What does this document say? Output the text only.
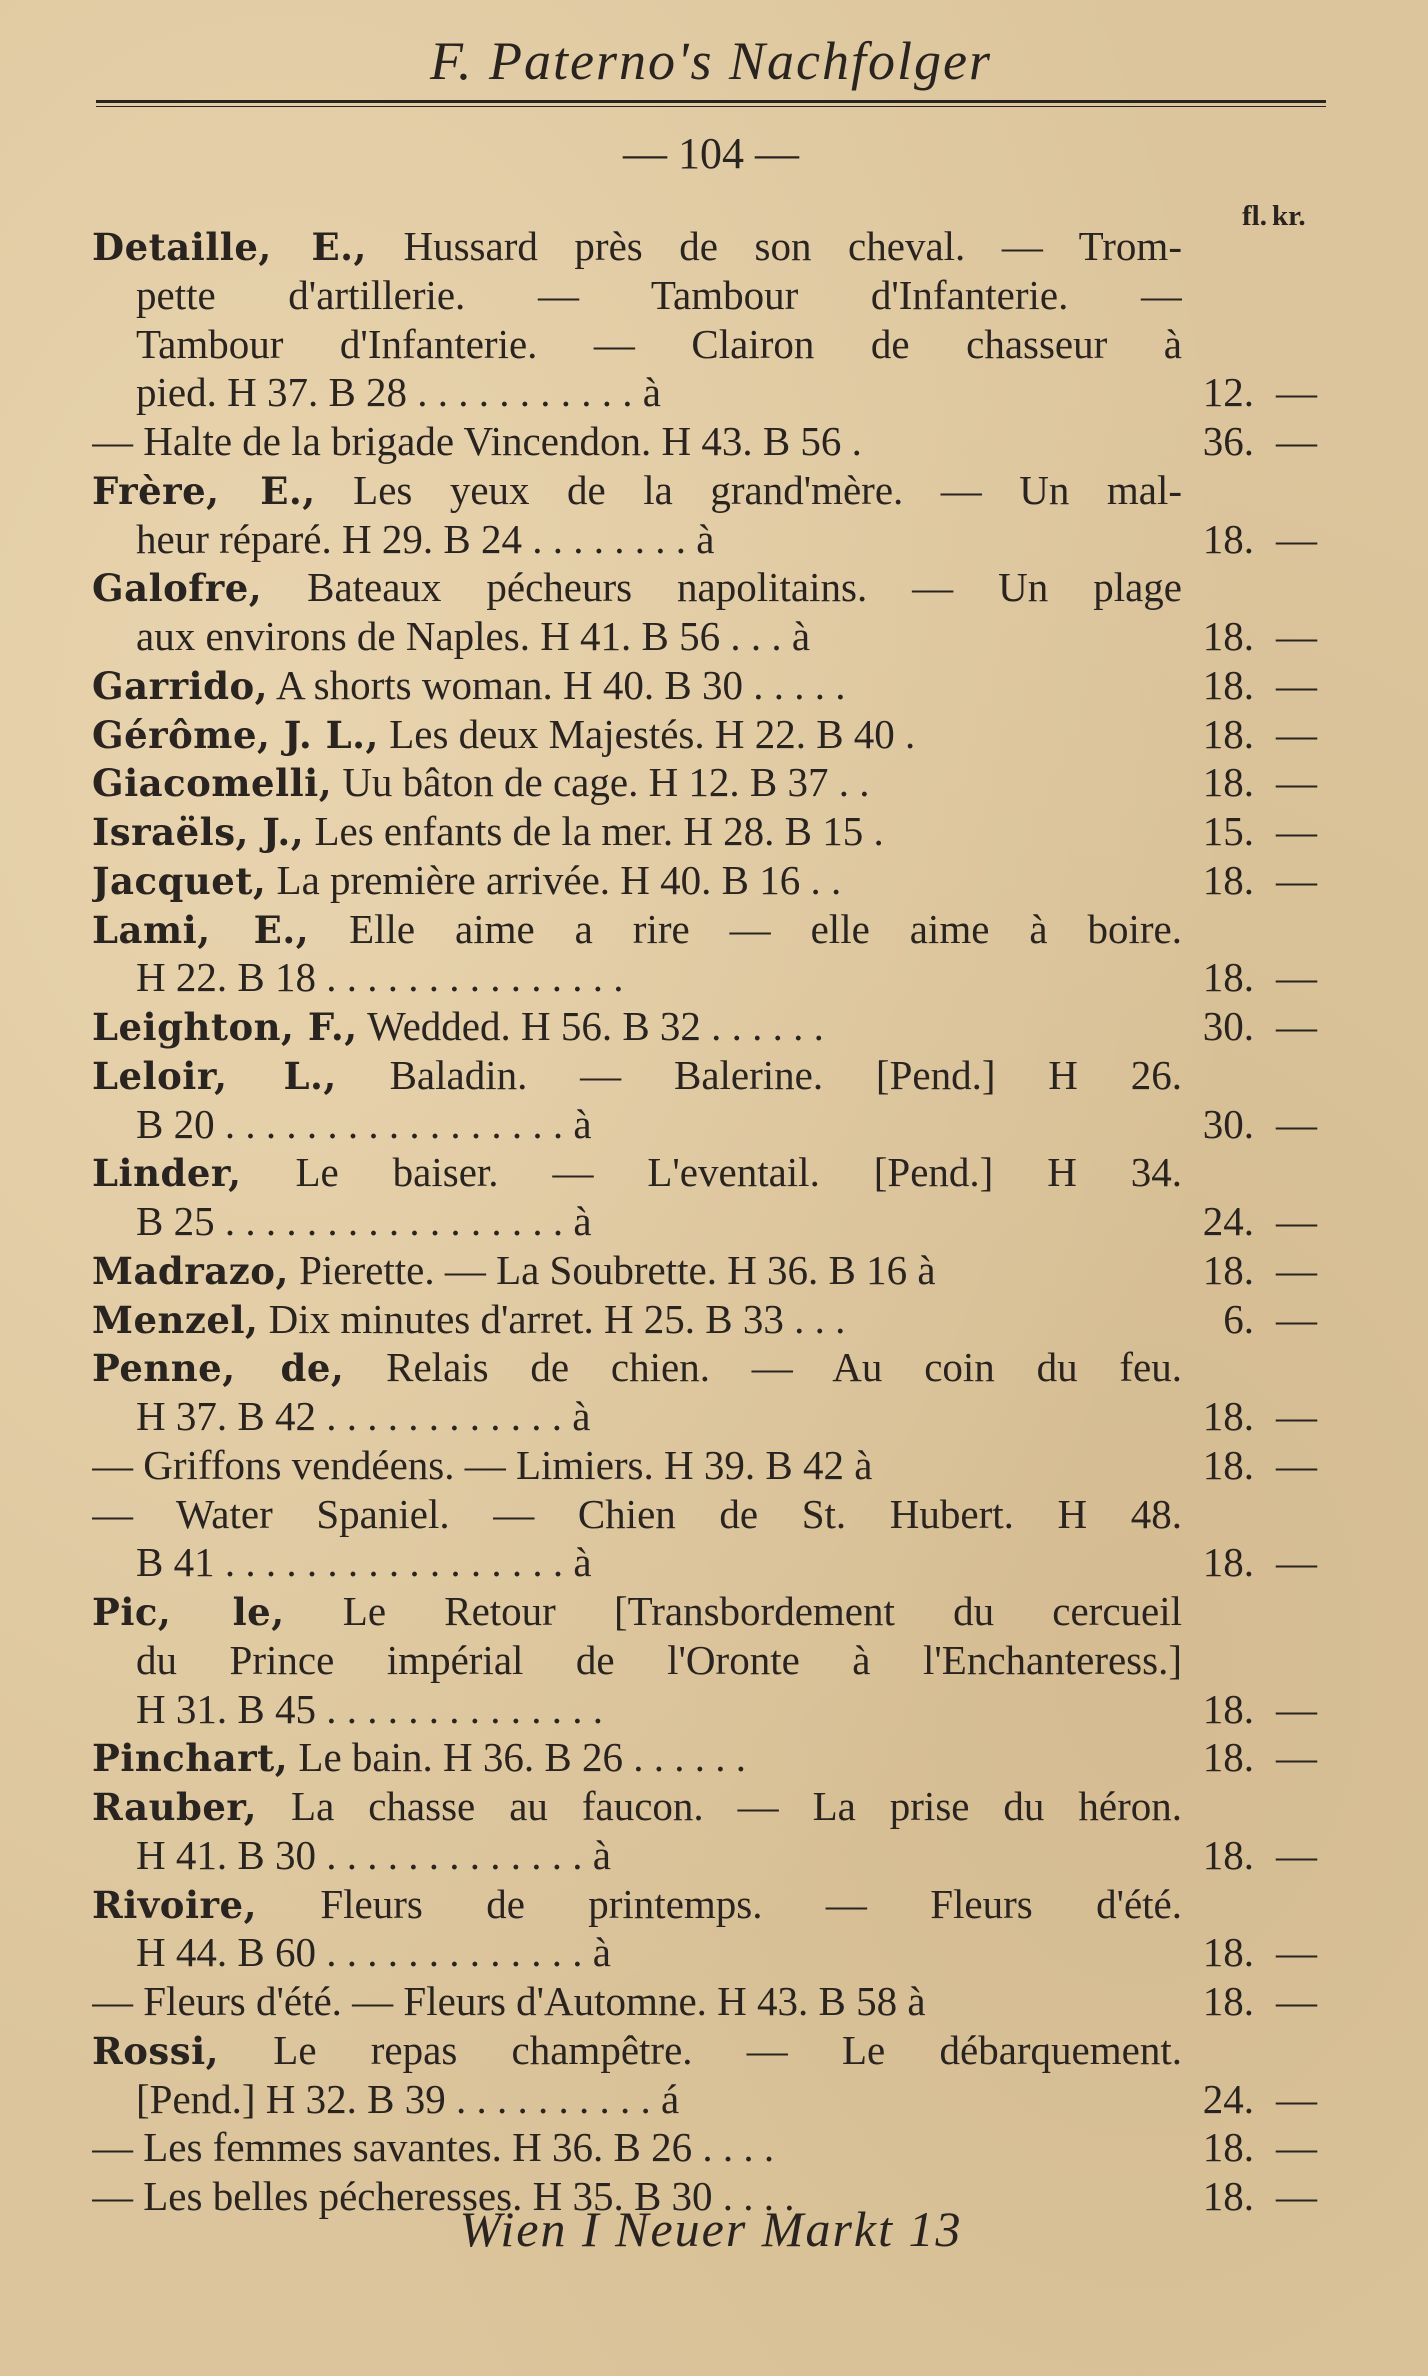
F. Paterno's Nachfolger
— 104 —
fl. kr.
Detaille, E., Hussard près de son cheval. — Trom-
pette d'artillerie. — Tambour d'Infanterie. —
Tambour d'Infanterie. — Clairon de chasseur à
pied. H 37. B 28 . . . . . . . . . . . à	12. —
— Halte de la brigade Vincendon. H 43. B 56 .	36. —
Frère, E., Les yeux de la grand'mère. — Un mal-
heur réparé. H 29. B 24 . . . . . . . . à	18. —
Galofre, Bateaux pécheurs napolitains. — Un plage
aux environs de Naples. H 41. B 56 . . . à	18. —
Garrido, A shorts woman. H 40. B 30 . . . . .	18. —
Gérôme, J. L., Les deux Majestés. H 22. B 40 .	18. —
Giacomelli, Uu bâton de cage. H 12. B 37 . .	18. —
Israëls, J., Les enfants de la mer. H 28. B 15 .	15. —
Jacquet, La première arrivée. H 40. B 16 . .	18. —
Lami, E., Elle aime a rire — elle aime à boire.
H 22. B 18 . . . . . . . . . . . . . . .	18. —
Leighton, F., Wedded. H 56. B 32 . . . . . .	30. —
Leloir, L., Baladin. — Balerine. [Pend.] H 26.
B 20 . . . . . . . . . . . . . . . . . à	30. —
Linder, Le baiser. — L'eventail. [Pend.] H 34.
B 25 . . . . . . . . . . . . . . . . . à	24. —
Madrazo, Pierette. — La Soubrette. H 36. B 16 à	18. —
Menzel, Dix minutes d'arret. H 25. B 33 . . .	6. —
Penne, de, Relais de chien. — Au coin du feu.
H 37. B 42 . . . . . . . . . . . . à	18. —
— Griffons vendéens. — Limiers. H 39. B 42 à	18. —
— Water Spaniel. — Chien de St. Hubert. H 48.
B 41 . . . . . . . . . . . . . . . . . à	18. —
Pic, le, Le Retour [Transbordement du cercueil
du Prince impérial de l'Oronte à l'Enchanteress.]
H 31. B 45 . . . . . . . . . . . . . .	18. —
Pinchart, Le bain. H 36. B 26 . . . . . .	18. —
Rauber, La chasse au faucon. — La prise du héron.
H 41. B 30 . . . . . . . . . . . . . à	18. —
Rivoire, Fleurs de printemps. — Fleurs d'été.
H 44. B 60 . . . . . . . . . . . . . à	18. —
— Fleurs d'été. — Fleurs d'Automne. H 43. B 58 à	18. —
Rossi, Le repas champêtre. — Le débarquement.
[Pend.] H 32. B 39 . . . . . . . . . . á	24. —
— Les femmes savantes. H 36. B 26 . . . .	18. —
— Les belles pécheresses. H 35. B 30 . . . .	18. —
Wien I Neuer Markt 13
